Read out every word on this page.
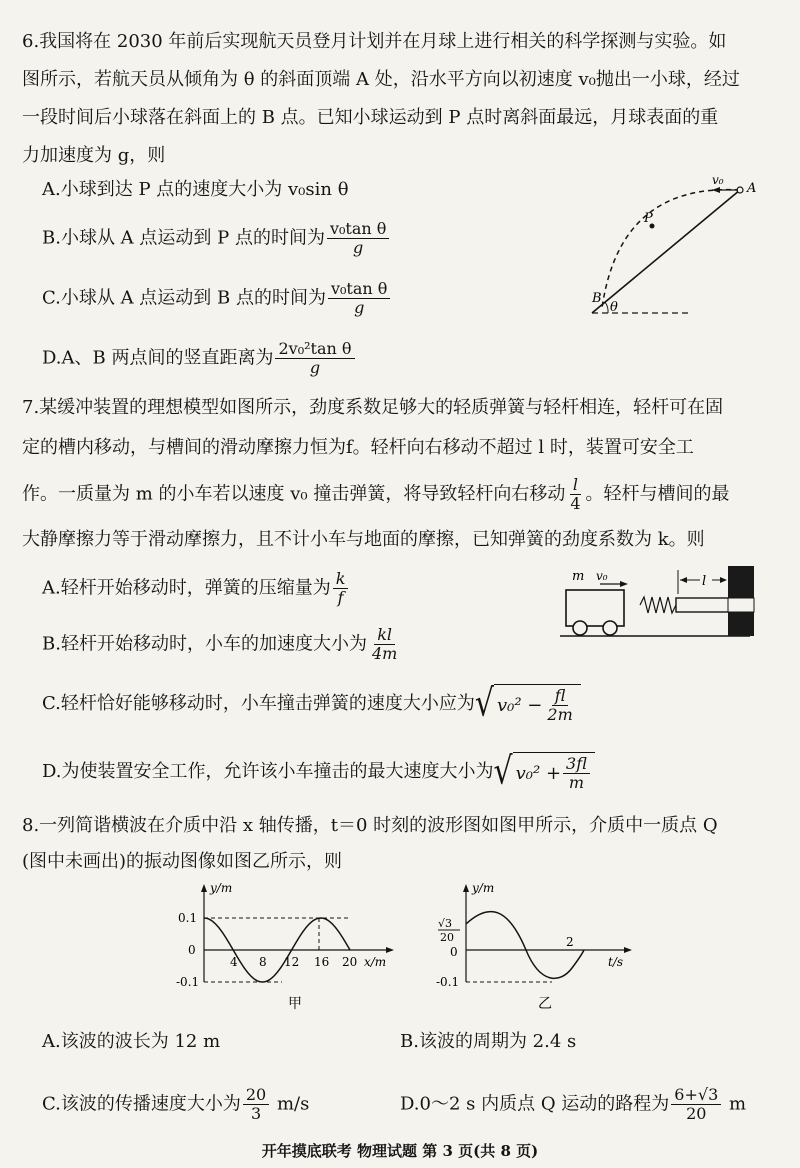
6.我国将在 2030 年前后实现航天员登月计划并在月球上进行相关的科学探测与实验。如
图所示，若航天员从倾角为 θ 的斜面顶端 A 处，沿水平方向以初速度 v₀抛出一小球，经过
一段时间后小球落在斜面上的 B 点。已知小球运动到 P 点时离斜面最远，月球表面的重
力加速度为 g，则
A.小球到达 P 点的速度大小为 v₀sin θ
B.小球从 A 点运动到 P 点的时间为 $\frac{\text{v₀tan θ}}{g}$
C.小球从 A 点运动到 B 点的时间为 $\frac{\text{v₀tan θ}}{g}$
D.A、B 两点间的竖直距离为 $\frac{\text{2v₀²tan θ}}{g}$
v₀
A
P
B
θ
7.某缓冲装置的理想模型如图所示，劲度系数足够大的轻质弹簧与轻杆相连，轻杆可在固
定的槽内移动，与槽间的滑动摩擦力恒为f。轻杆向右移动不超过 l 时，装置可安全工
作。一质量为 m 的小车若以速度 v₀ 撞击弹簧，将导致轻杆向右移动 $\frac{l}{4}$ 。轻杆与槽间的最
大静摩擦力等于滑动摩擦力，且不计小车与地面的摩擦，已知弹簧的劲度系数为 k。则
A.轻杆开始移动时，弹簧的压缩量为 $\frac{k}{f}$
B.轻杆开始移动时，小车的加速度大小为 $\frac{kl}{4m}$
C.轻杆恰好能够移动时，小车撞击弹簧的速度大小应为 √ $v_0^2 - \frac{fl}{2m}$
D.为使装置安全工作，允许该小车撞击的最大速度大小为 √ $v_0^2 + \frac{3fl}{m}$
m v₀	l
8.一列简谐横波在介质中沿 x 轴传播，t＝0 时刻的波形图如图甲所示，介质中一质点 Q
(图中未画出)的振动图像如图乙所示，则
y/m
0.1
0
-0.1
4 8 12 16 20 x/m
甲
y/m
√3
20
0
-0.1
2
t/s
乙
A.该波的波长为 12 m	B.该波的周期为 2.4 s
C.该波的传播速度大小为 $\frac{20}{3} m/s$	D.0～2 s 内质点 Q 运动的路程为 $\frac{6+√3}{20}$ m
开年摸底联考 物理试题 第 3 页(共 8 页)
